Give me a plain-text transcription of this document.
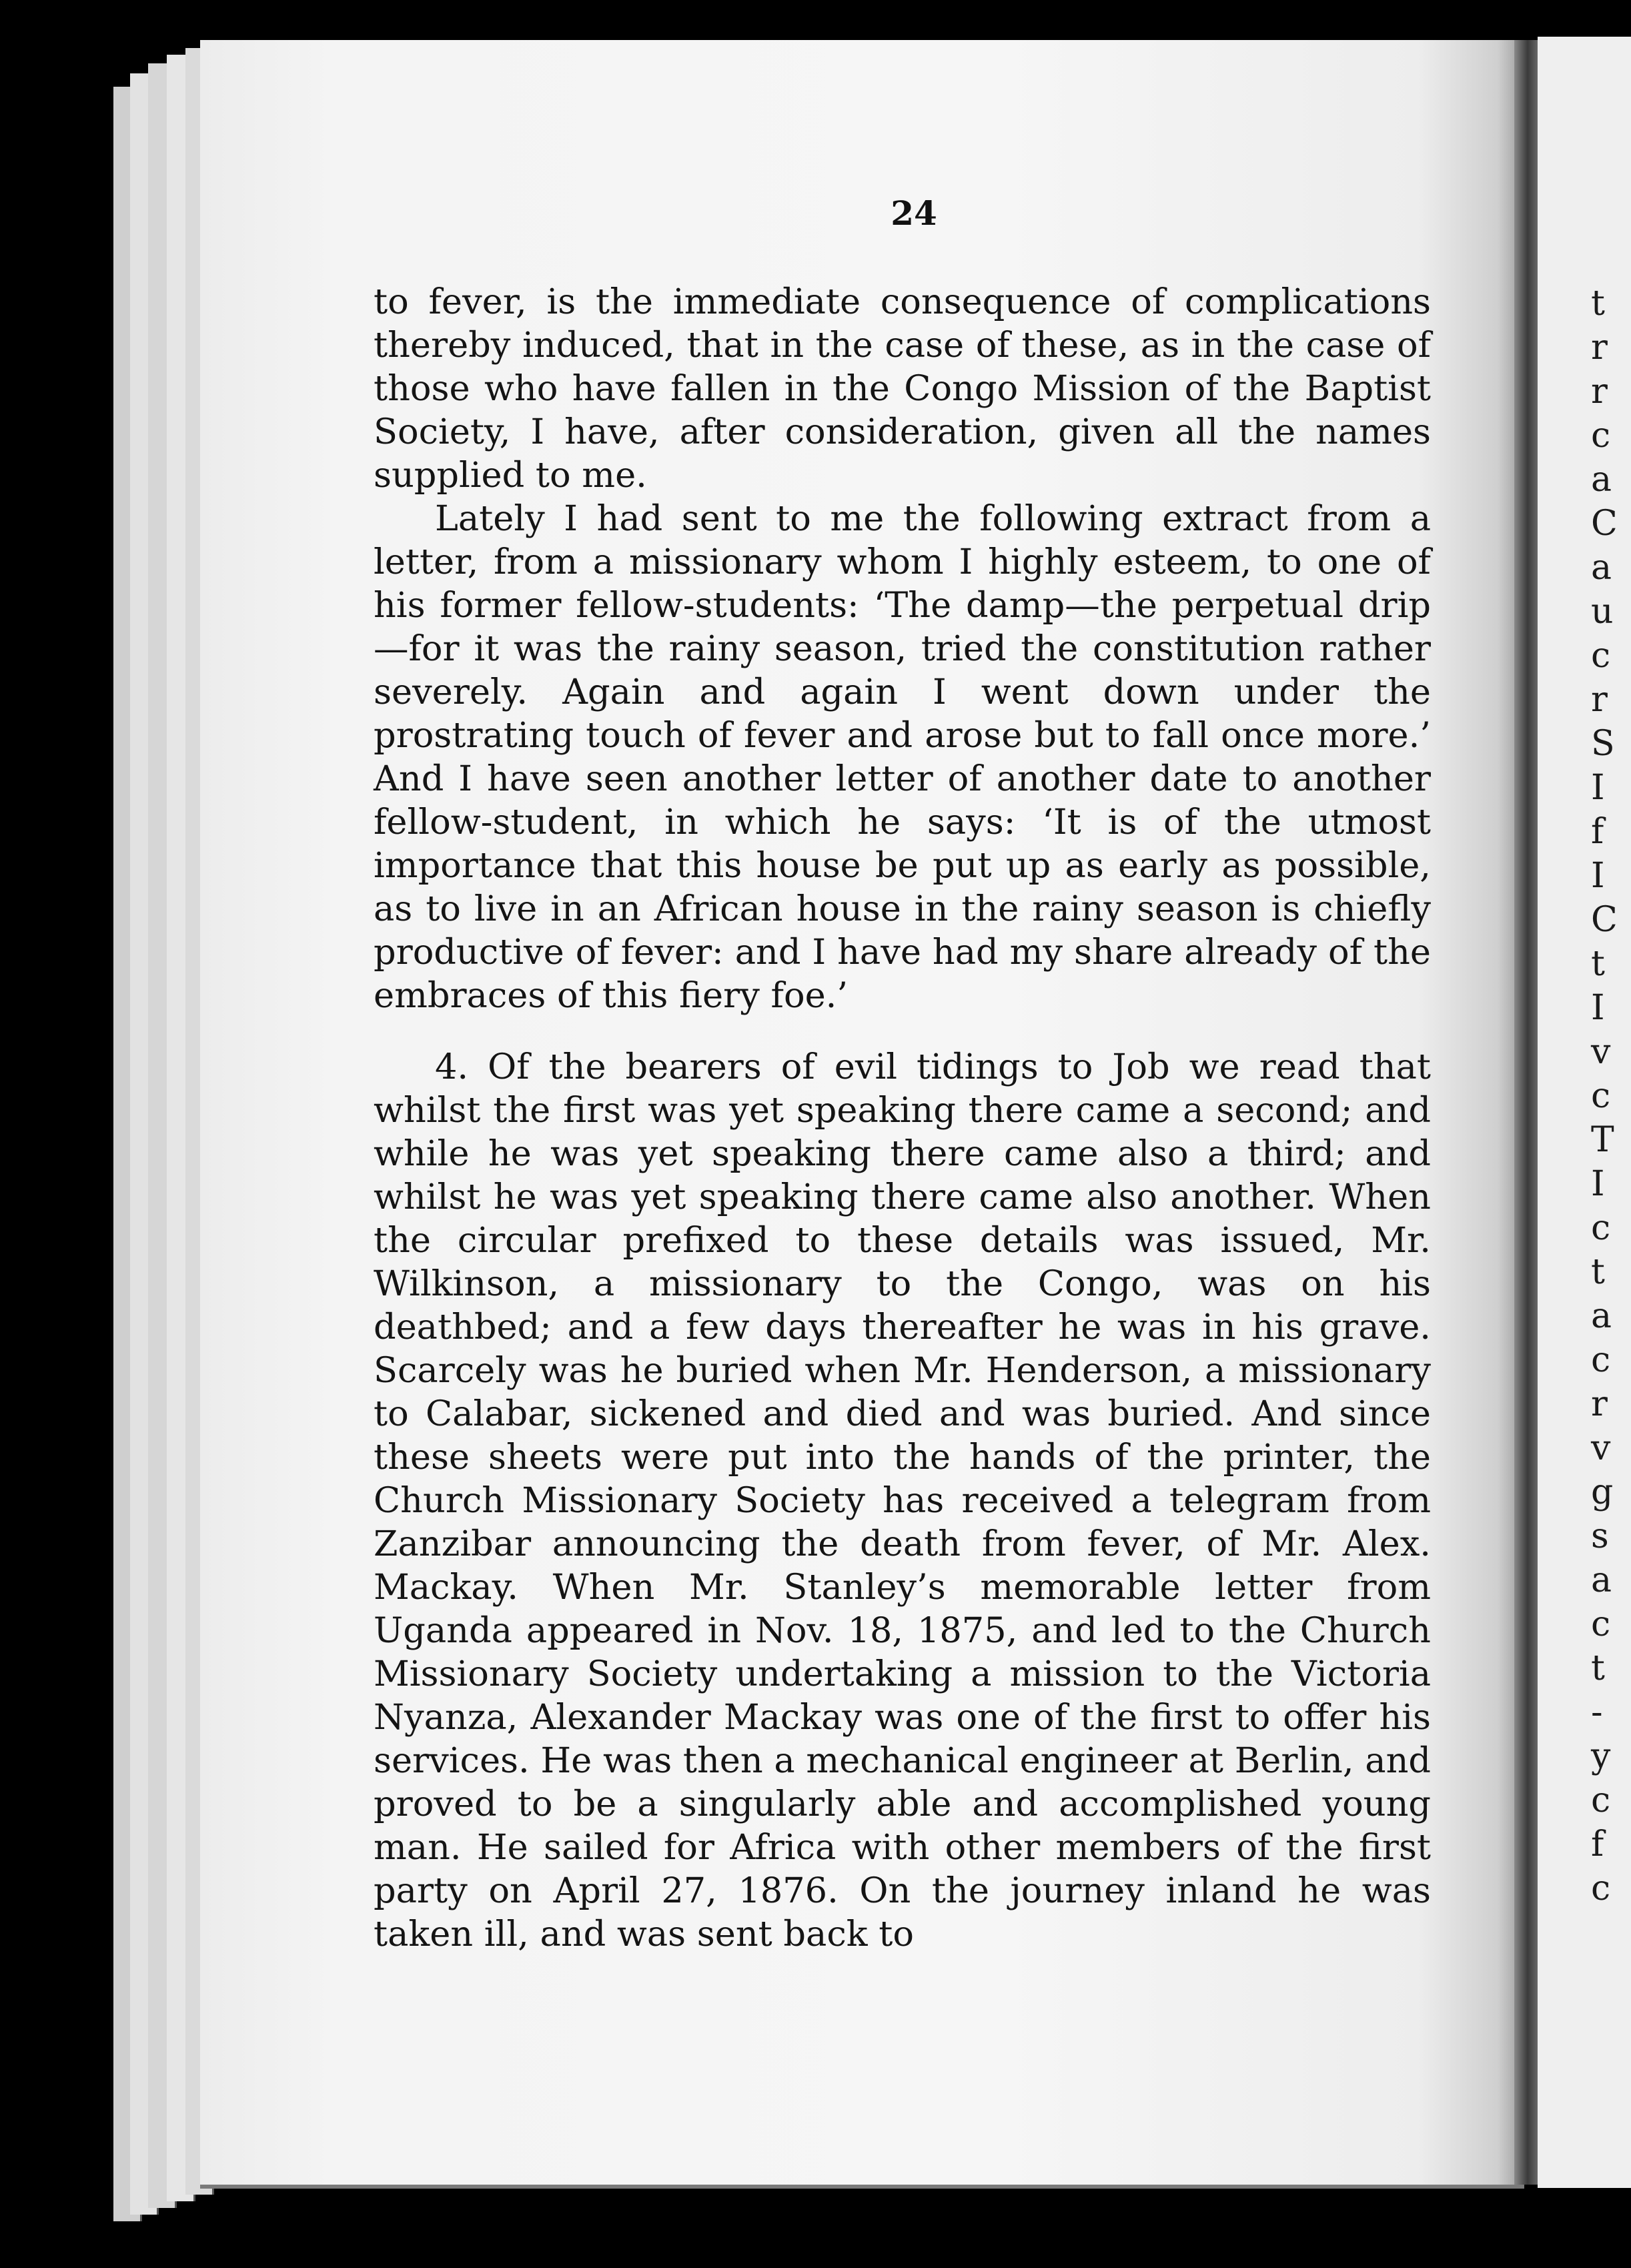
t
r
r
c
a
C
a
u
c
r
S
I
f
I
C
t
I
v
c
T
I
c
t
a
c
r
v
g
s
a
c
t
-
y
c
f
c
24

to fever, is the immediate consequence of complications thereby induced, that in the case of these, as in the case of those who have fallen in the Congo Mission of the Baptist Society, I have, after consideration, given all the names supplied to me.

Lately I had sent to me the following extract from a letter, from a missionary whom I highly esteem, to one of his former fellow-students: ‘The damp—the perpetual drip—for it was the rainy season, tried the constitution rather severely. Again and again I went down under the prostrating touch of fever and arose but to fall once more.’ And I have seen another letter of another date to another fellow-student, in which he says: ‘It is of the utmost importance that this house be put up as early as possible, as to live in an African house in the rainy season is chiefly productive of fever: and I have had my share already of the embraces of this fiery foe.’

4. Of the bearers of evil tidings to Job we read that whilst the first was yet speaking there came a second; and while he was yet speaking there came also a third; and whilst he was yet speaking there came also another. When the circular prefixed to these details was issued, Mr. Wilkinson, a missionary to the Congo, was on his deathbed; and a few days thereafter he was in his grave. Scarcely was he buried when Mr. Henderson, a missionary to Calabar, sickened and died and was buried. And since these sheets were put into the hands of the printer, the Church Missionary Society has received a telegram from Zanzibar announcing the death from fever, of Mr. Alex. Mackay. When Mr. Stanley’s memorable letter from Uganda appeared in Nov. 18, 1875, and led to the Church Missionary Society undertaking a mission to the Victoria Nyanza, Alexander Mackay was one of the first to offer his services. He was then a mechanical engineer at Berlin, and proved to be a singularly able and accomplished young man. He sailed for Africa with other members of the first party on April 27, 1876. On the journey inland he was taken ill, and was sent back to
